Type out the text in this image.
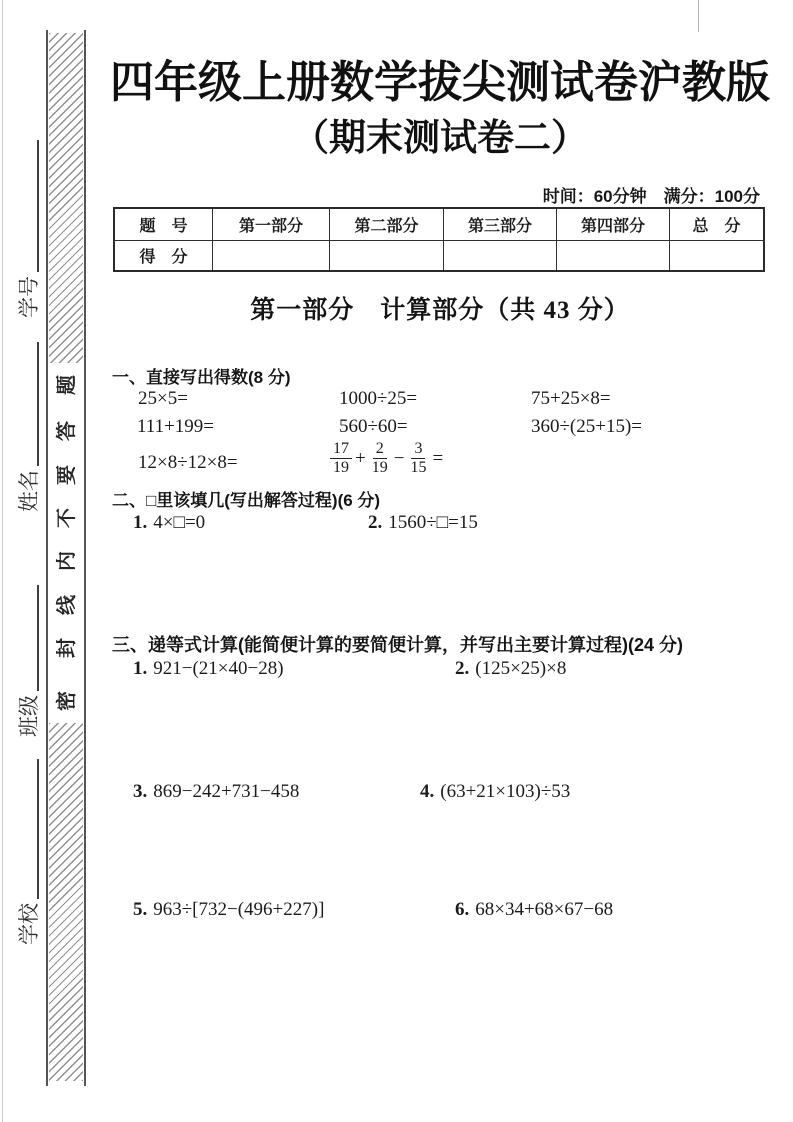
题
答
要
不
内
线
封
密
学号
姓名
班级
学校
四年级上册数学拔尖测试卷沪教版
（期末测试卷二）
时间：60分钟　满分：100分
题　号	第一部分	第二部分	第三部分	第四部分	总　分
得　分					
第一部分　计算部分（共 43 分）
一、直接写出得数(8 分)
25×5=	1000÷25=	75+25×8=
111+199=	560÷60=	360÷(25+15)=
12×8÷12×8=	$\frac{17}{19} + \frac{2}{19} - \frac{3}{15}$ =
二、□里该填几(写出解答过程)(6 分)
1. 4×□=0	2. 1560÷□=15
三、递等式计算(能简便计算的要简便计算，并写出主要计算过程)(24 分)
1. 921−(21×40−28)	2. (125×25)×8
3. 869−242+731−458	4. (63+21×103)÷53
5. 963÷[732−(496+227)]	6. 68×34+68×67−68
